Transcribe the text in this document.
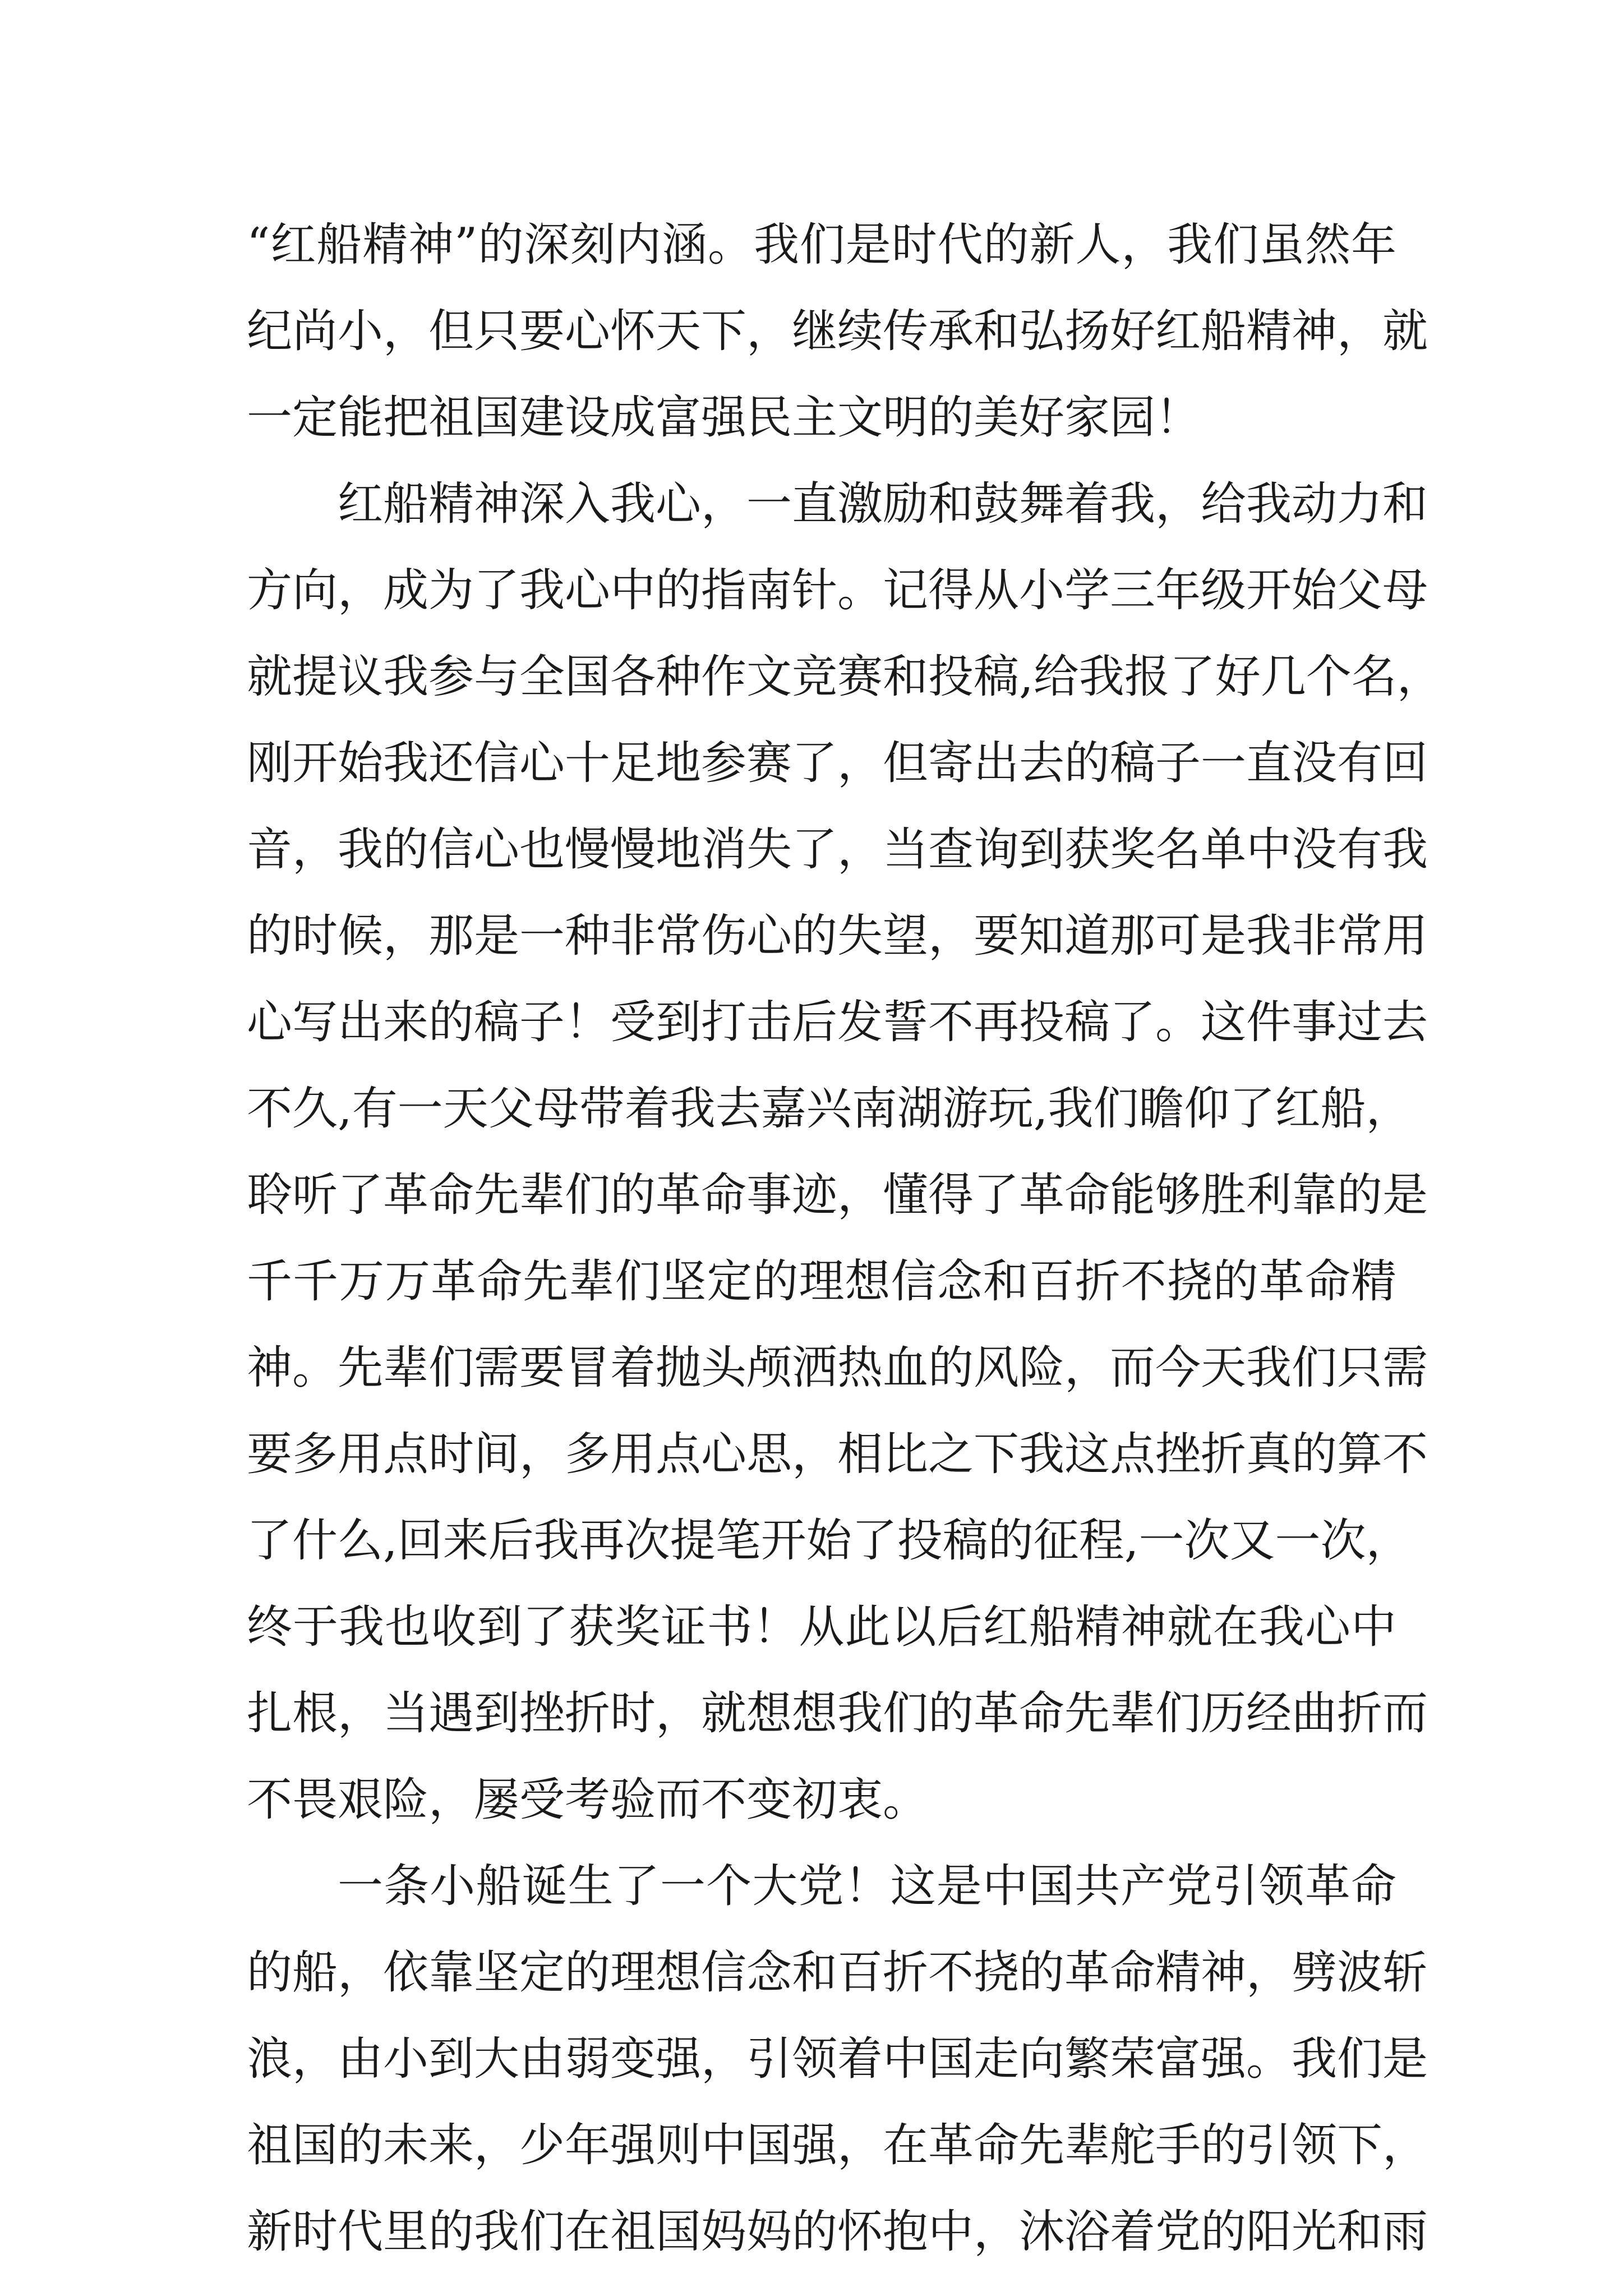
“红船精神”的深刻内涵。我们是时代的新人，我们虽然年
纪尚小，但只要心怀天下，继续传承和弘扬好红船精神，就
一定能把祖国建设成富强民主文明的美好家园！
红船精神深入我心，一直激励和鼓舞着我，给我动力和
方向，成为了我心中的指南针。记得从小学三年级开始父母
就提议我参与全国各种作文竞赛和投稿,给我报了好几个名，
刚开始我还信心十足地参赛了，但寄出去的稿子一直没有回
音，我的信心也慢慢地消失了，当查询到获奖名单中没有我
的时候，那是一种非常伤心的失望，要知道那可是我非常用
心写出来的稿子！受到打击后发誓不再投稿了。这件事过去
不久,有一天父母带着我去嘉兴南湖游玩,我们瞻仰了红船，
聆听了革命先辈们的革命事迹，懂得了革命能够胜利靠的是
千千万万革命先辈们坚定的理想信念和百折不挠的革命精
神。先辈们需要冒着抛头颅洒热血的风险，而今天我们只需
要多用点时间，多用点心思，相比之下我这点挫折真的算不
了什么,回来后我再次提笔开始了投稿的征程,一次又一次，
终于我也收到了获奖证书！从此以后红船精神就在我心中
扎根，当遇到挫折时，就想想我们的革命先辈们历经曲折而
不畏艰险，屡受考验而不变初衷。
一条小船诞生了一个大党！这是中国共产党引领革命
的船，依靠坚定的理想信念和百折不挠的革命精神，劈波斩
浪，由小到大由弱变强，引领着中国走向繁荣富强。我们是
祖国的未来，少年强则中国强，在革命先辈舵手的引领下，
新时代里的我们在祖国妈妈的怀抱中，沐浴着党的阳光和雨
